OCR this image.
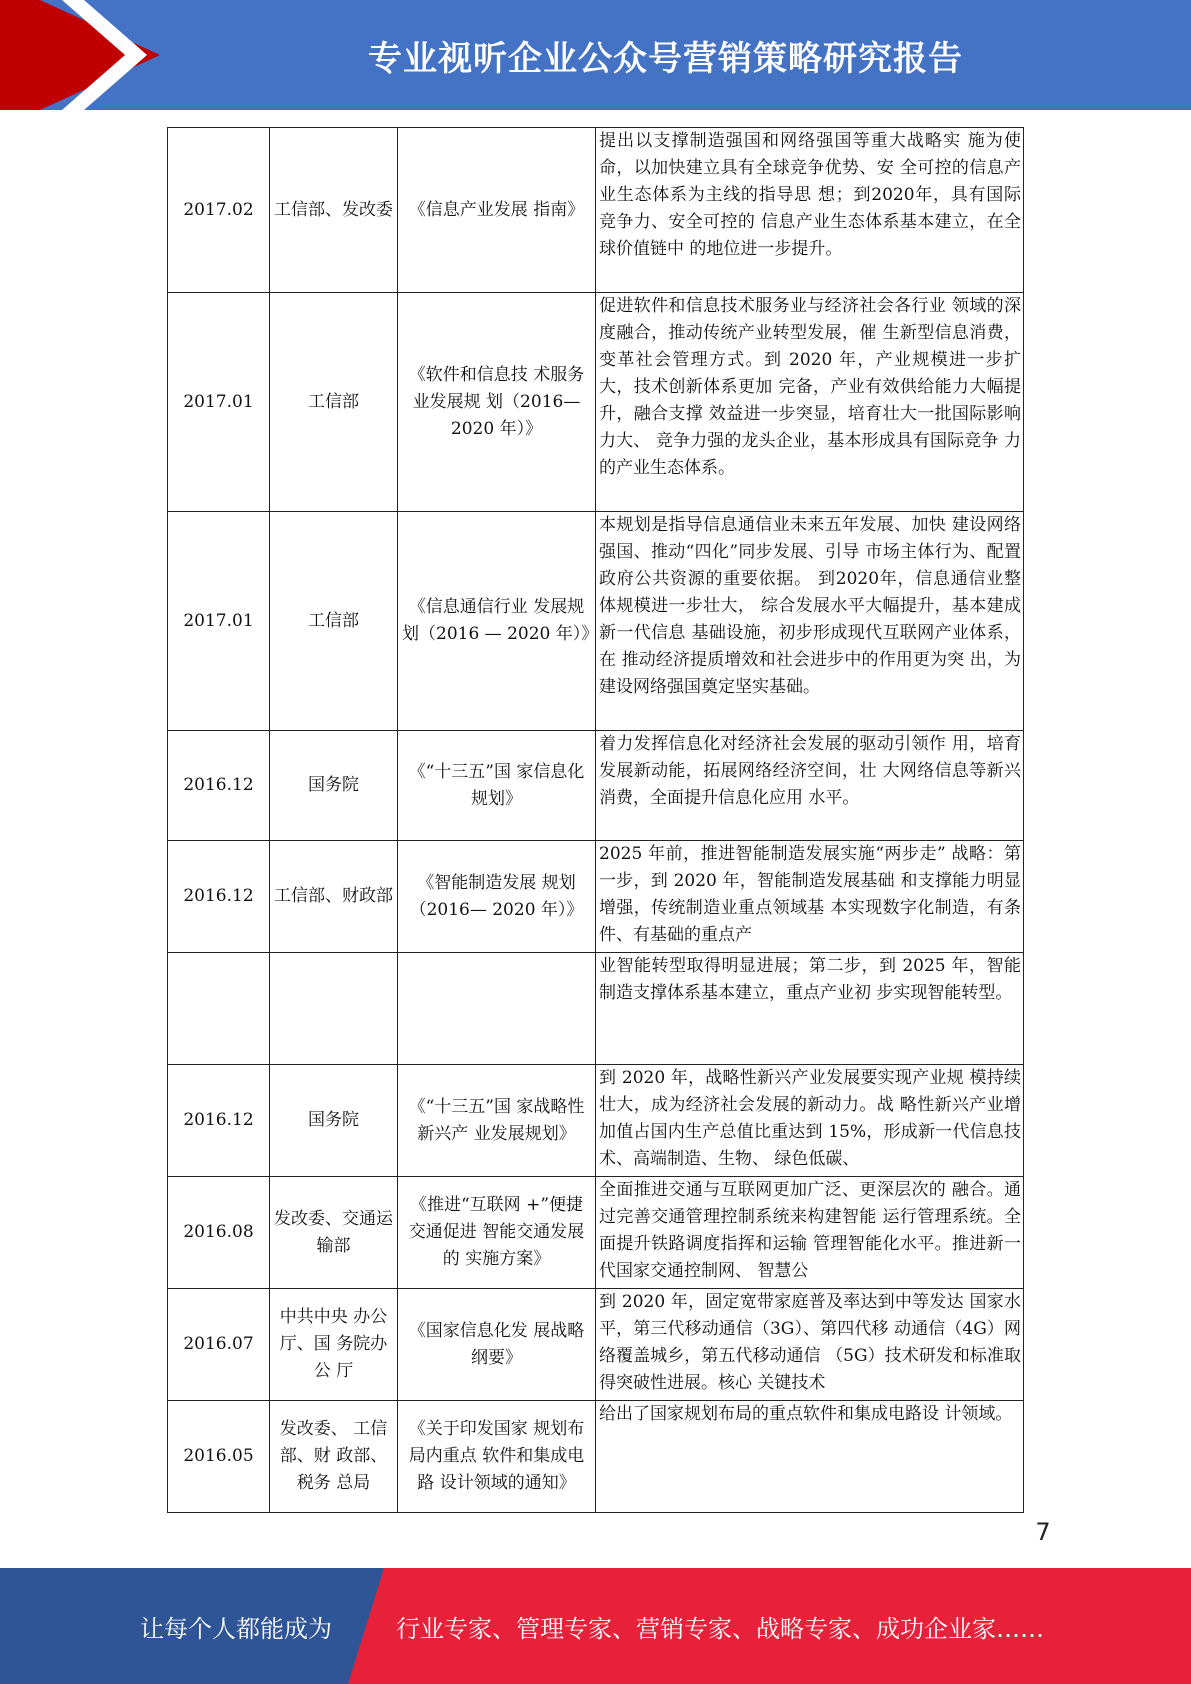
专业视听企业公众号营销策略研究报告
2017.02	工信部、发改委	《信息产业发展 指南》	提出以支撑制造强国和网络强国等重大战略实 施为使命，以加快建立具有全球竞争优势、安 全可控的信息产业生态体系为主线的指导思 想；到2020年，具有国际竞争力、安全可控的 信息产业生态体系基本建立，在全球价值链中 的地位进一步提升。
2017.01	工信部	《软件和信息技 术服务业发展规 划（2016— 2020 年）》	促进软件和信息技术服务业与经济社会各行业 领域的深度融合，推动传统产业转型发展，催 生新型信息消费，变革社会管理方式。到 2020 年，产业规模进一步扩大，技术创新体系更加 完备，产业有效供给能力大幅提升，融合支撑 效益进一步突显，培育壮大一批国际影响力大、 竞争力强的龙头企业，基本形成具有国际竞争 力的产业生态体系。
2017.01	工信部	《信息通信行业 发展规划（2016 — 2020 年）》	本规划是指导信息通信业未来五年发展、加快 建设网络强国、推动“四化”同步发展、引导 市场主体行为、配置政府公共资源的重要依据。 到2020年，信息通信业整体规模进一步壮大， 综合发展水平大幅提升，基本建成新一代信息 基础设施，初步形成现代互联网产业体系，在 推动经济提质增效和社会进步中的作用更为突 出，为建设网络强国奠定坚实基础。
2016.12	国务院	《“十三五”国 家信息化规划》	着力发挥信息化对经济社会发展的驱动引领作 用，培育发展新动能，拓展网络经济空间，壮 大网络信息等新兴消费，全面提升信息化应用 水平。
2016.12	工信部、财政部	《智能制造发展 规划（2016— 2020 年）》	2025 年前，推进智能制造发展实施“两步走” 战略：第一步，到 2020 年，智能制造发展基础 和支撑能力明显增强，传统制造业重点领域基 本实现数字化制造，有条件、有基础的重点产
			业智能转型取得明显进展；第二步，到 2025 年，智能制造支撑体系基本建立，重点产业初 步实现智能转型。
2016.12	国务院	《“十三五”国 家战略性新兴产 业发展规划》	到 2020 年，战略性新兴产业发展要实现产业规 模持续壮大，成为经济社会发展的新动力。战 略性新兴产业增加值占国内生产总值比重达到 15%，形成新一代信息技术、高端制造、生物、 绿色低碳、
2016.08	发改委、交通运输部	《推进“互联网 +”便捷交通促进 智能交通发展的 实施方案》	全面推进交通与互联网更加广泛、更深层次的 融合。通过完善交通管理控制系统来构建智能 运行管理系统。全面提升铁路调度指挥和运输 管理智能化水平。推进新一代国家交通控制网、 智慧公
2016.07	中共中央 办公厅、国 务院办公 厅	《国家信息化发 展战略纲要》	到 2020 年，固定宽带家庭普及率达到中等发达 国家水平，第三代移动通信（3G）、第四代移 动通信（4G）网络覆盖城乡，第五代移动通信 （5G）技术研发和标准取得突破性进展。核心 关键技术
2016.05	发改委、 工信部、财 政部、税务 总局	《关于印发国家 规划布局内重点 软件和集成电路 设计领域的通知》	给出了国家规划布局的重点软件和集成电路设 计领域。
7
让每个人都能成为	行业专家、管理专家、营销专家、战略专家、成功企业家……
